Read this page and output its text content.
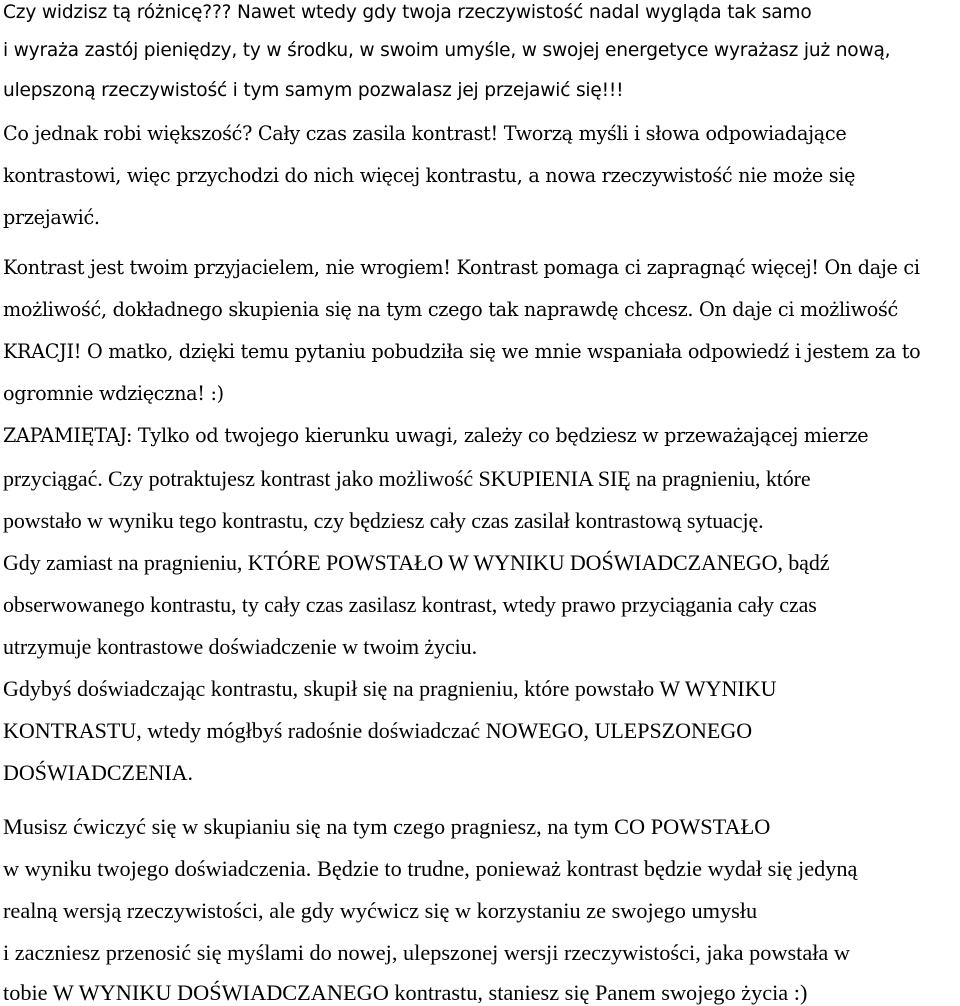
Czy widzisz tą różnicę??? Nawet wtedy gdy twoja rzeczywistość nadal wygląda tak samo
i wyraża zastój pieniędzy, ty w środku, w swoim umyśle, w swojej energetyce wyrażasz już nową,
ulepszoną rzeczywistość i tym samym pozwalasz jej przejawić się!!!
Co jednak robi większość? Cały czas zasila kontrast! Tworzą myśli i słowa odpowiadające
kontrastowi, więc przychodzi do nich więcej kontrastu, a nowa rzeczywistość nie może się
przejawić.
Kontrast jest twoim przyjacielem, nie wrogiem! Kontrast pomaga ci zapragnąć więcej! On daje ci
możliwość, dokładnego skupienia się na tym czego tak naprawdę chcesz. On daje ci możliwość
KRACJI! O matko, dzięki temu pytaniu pobudziła się we mnie wspaniała odpowiedź i jestem za to
ogromnie wdzięczna! :)
ZAPAMIĘTAJ: Tylko od twojego kierunku uwagi, zależy co będziesz w przeważającej mierze
przyciągać. Czy potraktujesz kontrast jako możliwość SKUPIENIA SIĘ na pragnieniu, które
powstało w wyniku tego kontrastu, czy będziesz cały czas zasilał kontrastową sytuację.
Gdy zamiast na pragnieniu, KTÓRE POWSTAŁO W WYNIKU DOŚWIADCZANEGO, bądź
obserwowanego kontrastu, ty cały czas zasilasz kontrast, wtedy prawo przyciągania cały czas
utrzymuje kontrastowe doświadczenie w twoim życiu.
Gdybyś doświadczając kontrastu, skupił się na pragnieniu, które powstało W WYNIKU
KONTRASTU, wtedy mógłbyś radośnie doświadczać NOWEGO, ULEPSZONEGO
DOŚWIADCZENIA.
Musisz ćwiczyć się w skupianiu się na tym czego pragniesz, na tym CO POWSTAŁO
w wyniku twojego doświadczenia. Będzie to trudne, ponieważ kontrast będzie wydał się jedyną
realną wersją rzeczywistości, ale gdy wyćwicz się w korzystaniu ze swojego umysłu
i zaczniesz przenosić się myślami do nowej, ulepszonej wersji rzeczywistości, jaka powstała w
tobie W WYNIKU DOŚWIADCZANEGO kontrastu, staniesz się Panem swojego życia :)
